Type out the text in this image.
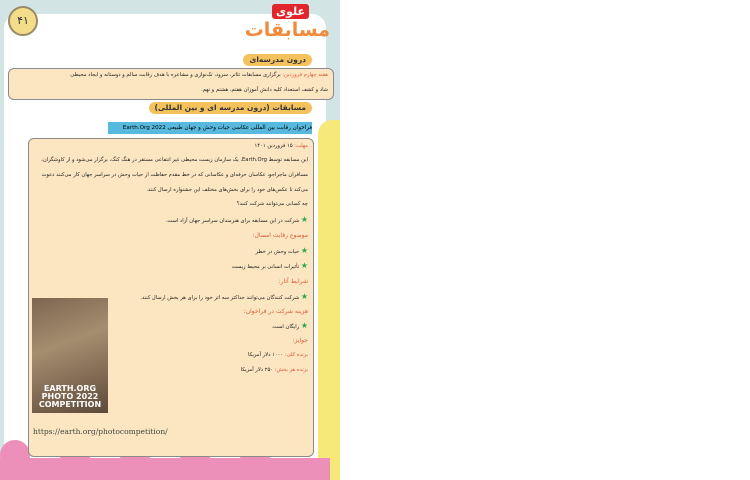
۴۱
علوی
مسابقات
درون مدرسه‌ای
هفته چهارم فروردین: برگزاری مسابقات تئاتر، سرود، تک‌نوازی و مشاعره با هدف رقابت سالم و دوستانه و ایجاد محیطی
شاد و کشف استعداد کلیه دانش آموزان هفتم، هشتم و نهم.
مسابقات (درون مدرسه ای و بین المللی)
فراخوان رقابت بین المللی عکاسی حیات وحش و جهان طبیعی Earth.Org 2022
مهلت: ۱۵ فروردین ۱۴۰۱
این مسابقه توسط Earth.Org، یک سازمان زیست محیطی غیر انتفاعی مستقر در هنگ کنگ، برگزار می‌شود و از کاوشگران،
مسافران ماجراجو، عکاسان حرفه‌ای و عکاسانی که در خط مقدم حفاظت از حیات وحش در سراسر جهان کار می‌کنند دعوت
می‌کند تا عکس‌های خود را برای بخش‌های مختلف این جشنواره ارسال کنند.
چه کسانی می‌توانند شرکت کنند؟
★ شرکت در این مسابقه برای هنرمندان سراسر جهان آزاد است.
موضوع رقابت امسال:
★ حیات وحش در خطر
★ تأثیرات انسانی بر محیط زیست
شرایط آثار:
★ شرکت کنندگان می‌توانند حداکثر سه اثر خود را برای هر بخش ارسال کنند.
هزینه شرکت در فراخوان:
★ رایگان است.
جوایز:
برنده کلی: ۱۰۰۰ دلار آمریکا
برنده هر بخش: ۲۵۰ دلار آمریکا
EARTH.ORG
PHOTO 2022
COMPETITION
https://earth.org/photocompetition/
